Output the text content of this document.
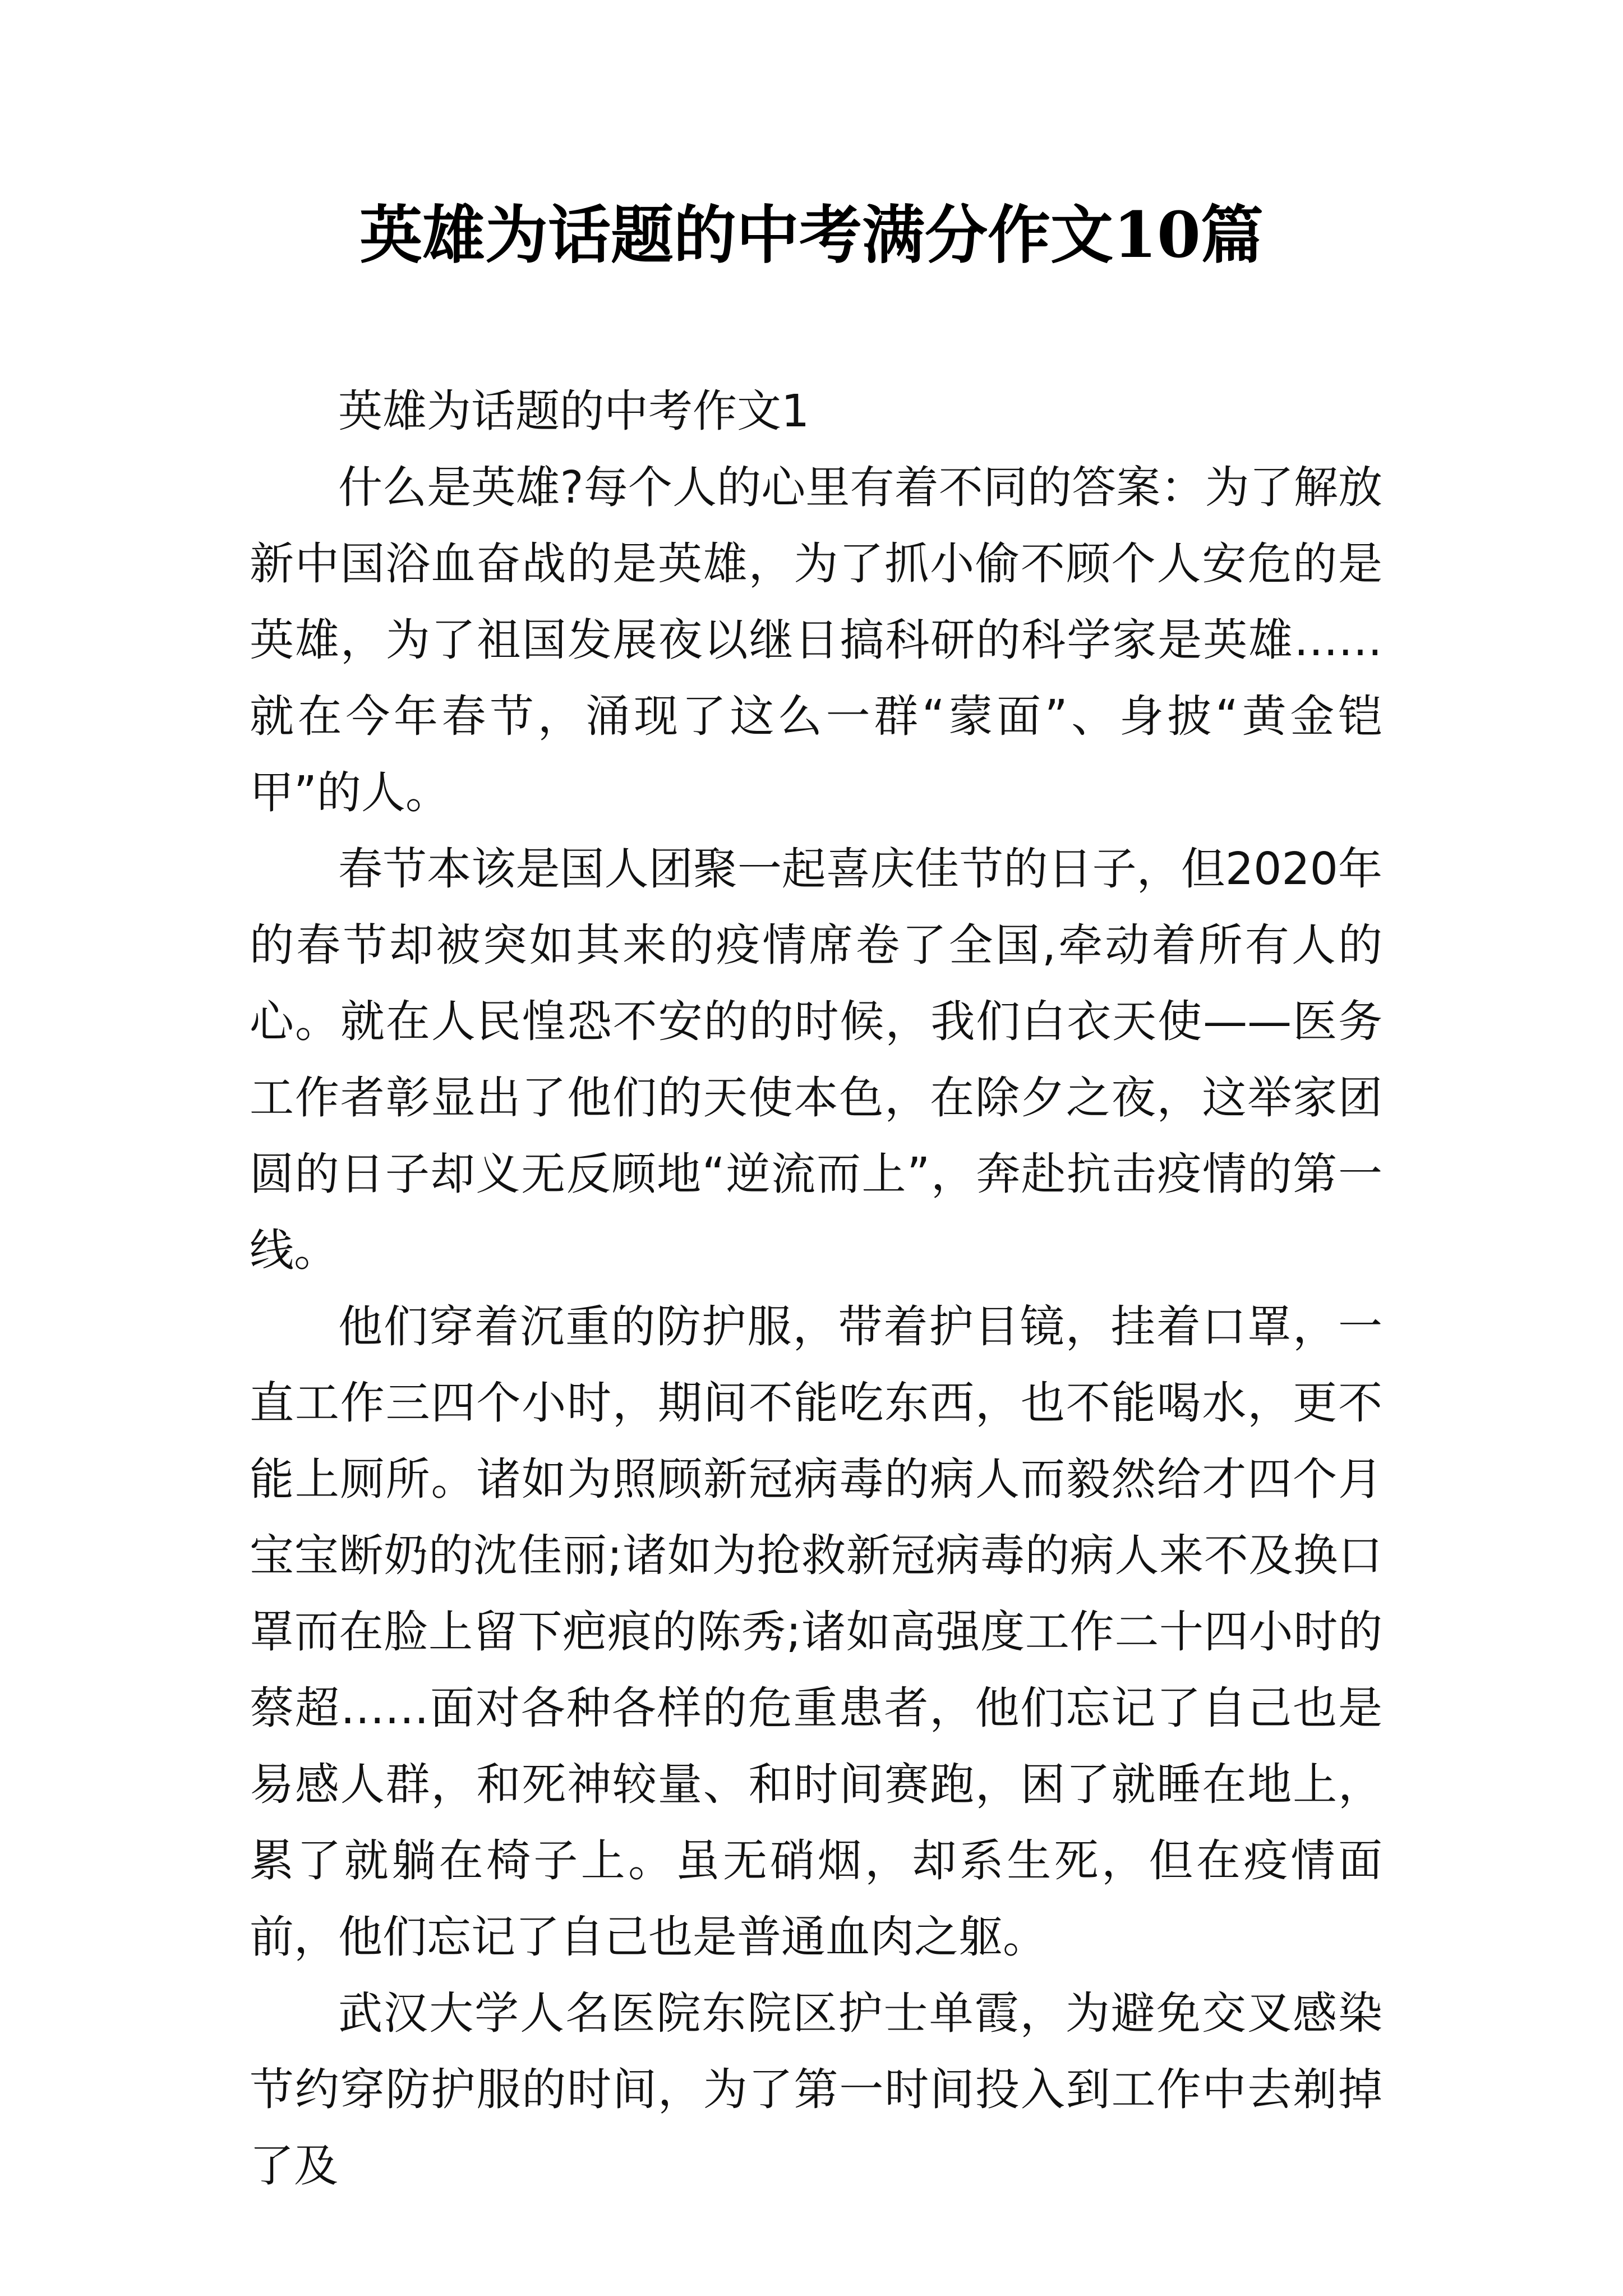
英雄为话题的中考满分作文10篇

英雄为话题的中考作文1

什么是英雄?每个人的心里有着不同的答案：为了解放新中国浴血奋战的是英雄，为了抓小偷不顾个人安危的是英雄，为了祖国发展夜以继日搞科研的科学家是英雄……就在今年春节，涌现了这么一群“蒙面”、身披“黄金铠甲”的人。

春节本该是国人团聚一起喜庆佳节的日子，但2020年的春节却被突如其来的疫情席卷了全国,牵动着所有人的心。就在人民惶恐不安的的时候，我们白衣天使——医务工作者彰显出了他们的天使本色，在除夕之夜，这举家团圆的日子却义无反顾地“逆流而上”，奔赴抗击疫情的第一线。

他们穿着沉重的防护服，带着护目镜，挂着口罩，一直工作三四个小时，期间不能吃东西，也不能喝水，更不能上厕所。诸如为照顾新冠病毒的病人而毅然给才四个月宝宝断奶的沈佳丽;诸如为抢救新冠病毒的病人来不及换口罩而在脸上留下疤痕的陈秀;诸如高强度工作二十四小时的蔡超……面对各种各样的危重患者，他们忘记了自己也是易感人群，和死神较量、和时间赛跑，困了就睡在地上，累了就躺在椅子上。虽无硝烟，却系生死，但在疫情面前，他们忘记了自己也是普通血肉之躯。

武汉大学人名医院东院区护士单霞，为避免交叉感染节约穿防护服的时间，为了第一时间投入到工作中去剃掉了及
